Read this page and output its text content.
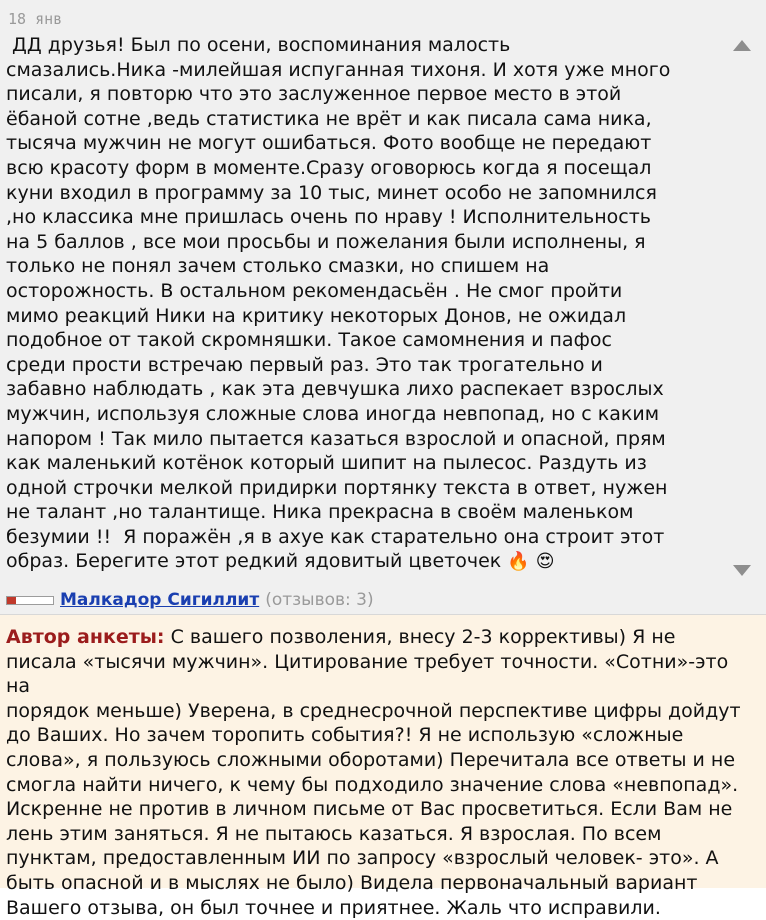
18 янв
ДД друзья! Был по осени, воспоминания малость
смазались.Ника -милейшая испуганная тихоня. И хотя уже много
писали, я повторю что это заслуженное первое место в этой
ёбаной сотне ,ведь статистика не врёт и как писала сама ника,
тысяча мужчин не могут ошибаться. Фото вообще не передают
всю красоту форм в моменте.Сразу оговорюсь когда я посещал
куни входил в программу за 10 тыс, минет особо не запомнился
,но классика мне пришлась очень по нраву ! Исполнительность
на 5 баллов , все мои просьбы и пожелания были исполнены, я
только не понял зачем столько смазки, но спишем на
осторожность. В остальном рекомендасьён . Не смог пройти
мимо реакций Ники на критику некоторых Донов, не ожидал
подобное от такой скромняшки. Такое самомнения и пафос
среди прости встречаю первый раз. Это так трогательно и
забавно наблюдать , как эта девчушка лихо распекает взрослых
мужчин, используя сложные слова иногда невпопад, но с каким
напором ! Так мило пытается казаться взрослой и опасной, прям
как маленький котёнок который шипит на пылесос. Раздуть из
одной строчки мелкой придирки портянку текста в ответ, нужен
не талант ,но талантище. Ника прекрасна в своём маленьком
безумии !!  Я поражён ,я в ахуе как старательно она строит этот
образ. Берегите этот редкий ядовитый цветочек 🔥 😍
Малкадор Сигиллит (отзывов: 3)
Автор анкеты: С вашего позволения, внесу 2-3 коррективы) Я не
писала «тысячи мужчин». Цитирование требует точности. «Сотни»-это на
порядок меньше) Уверена, в среднесрочной перспективе цифры дойдут
до Ваших. Но зачем торопить события?! Я не использую «сложные
слова», я пользуюсь сложными оборотами) Перечитала все ответы и не
смогла найти ничего, к чему бы подходило значение слова «невпопад».
Искренне не против в личном письме от Вас просветиться. Если Вам не
лень этим заняться. Я не пытаюсь казаться. Я взрослая. По всем
пунктам, предоставленным ИИ по запросу «взрослый человек- это». А
быть опасной и в мыслях не было) Видела первоначальный вариант
Вашего отзыва, он был точнее и приятнее. Жаль что исправили.
